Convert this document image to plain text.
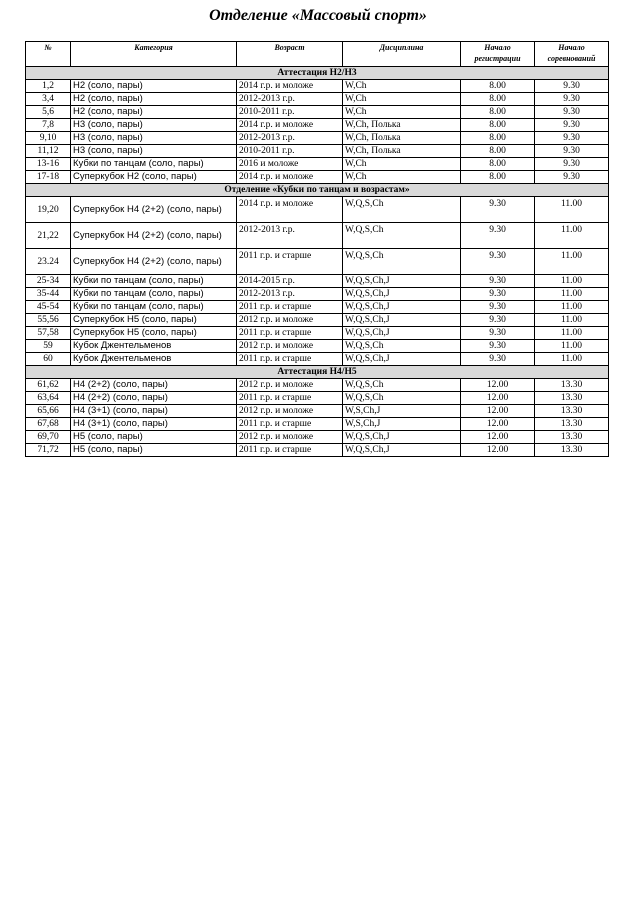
Отделение «Массовый спорт»
№	Категория	Возраст	Дисциплина	Начало регистрации	Начало соревнований
Аттестация Н2/Н3					
1,2	Н2 (соло, пары)	2014 г.р. и моложе	W,Ch	8.00	9.30
3,4	Н2 (соло, пары)	2012-2013 г.р.	W,Ch	8.00	9.30
5,6	Н2 (соло, пары)	2010-2011 г.р.	W,Ch	8.00	9.30
7,8	Н3 (соло, пары)	2014 г.р. и моложе	W,Ch, Полька	8.00	9.30
9,10	Н3 (соло, пары)	2012-2013 г.р.	W,Ch, Полька	8.00	9.30
11,12	Н3 (соло, пары)	2010-2011 г.р.	W,Ch, Полька	8.00	9.30
13-16	Кубки по танцам (соло, пары)	2016 и моложе	W,Ch	8.00	9.30
17-18	Суперкубок Н2 (соло, пары)	2014 г.р. и моложе	W,Ch	8.00	9.30
Отделение «Кубки по танцам и возрастам»					
19,20	Суперкубок Н4 (2+2) (соло, пары)	2014 г.р. и моложе	W,Q,S,Ch	9.30	11.00
21,22	Суперкубок Н4 (2+2) (соло, пары)	2012-2013 г.р.	W,Q,S,Ch	9.30	11.00
23.24	Суперкубок Н4 (2+2) (соло, пары)	2011 г.р. и старше	W,Q,S,Ch	9.30	11.00
25-34	Кубки по танцам (соло, пары)	2014-2015 г.р.	W,Q,S,Ch,J	9.30	11.00
35-44	Кубки по танцам (соло, пары)	2012-2013 г.р.	W,Q,S,Ch,J	9.30	11.00
45-54	Кубки по танцам (соло, пары)	2011 г.р. и старше	W,Q,S,Ch,J	9.30	11.00
55,56	Суперкубок Н5 (соло, пары)	2012 г.р. и моложе	W,Q,S,Ch,J	9.30	11.00
57,58	Суперкубок Н5 (соло, пары)	2011 г.р. и старше	W,Q,S,Ch,J	9.30	11.00
59	Кубок Джентельменов	2012 г.р. и моложе	W,Q,S,Ch	9.30	11.00
60	Кубок Джентельменов	2011 г.р. и старше	W,Q,S,Ch,J	9.30	11.00
Аттестация Н4/Н5					
61,62	Н4 (2+2) (соло, пары)	2012 г.р. и моложе	W,Q,S,Ch	12.00	13.30
63,64	Н4 (2+2) (соло, пары)	2011 г.р. и старше	W,Q,S,Ch	12.00	13.30
65,66	Н4 (3+1) (соло, пары)	2012 г.р. и моложе	W,S,Ch,J	12.00	13.30
67,68	Н4 (3+1) (соло, пары)	2011 г.р. и старше	W,S,Ch,J	12.00	13.30
69,70	Н5 (соло, пары)	2012 г.р. и моложе	W,Q,S,Ch,J	12.00	13.30
71,72	Н5 (соло, пары)	2011 г.р. и старше	W,Q,S,Ch,J	12.00	13.30
